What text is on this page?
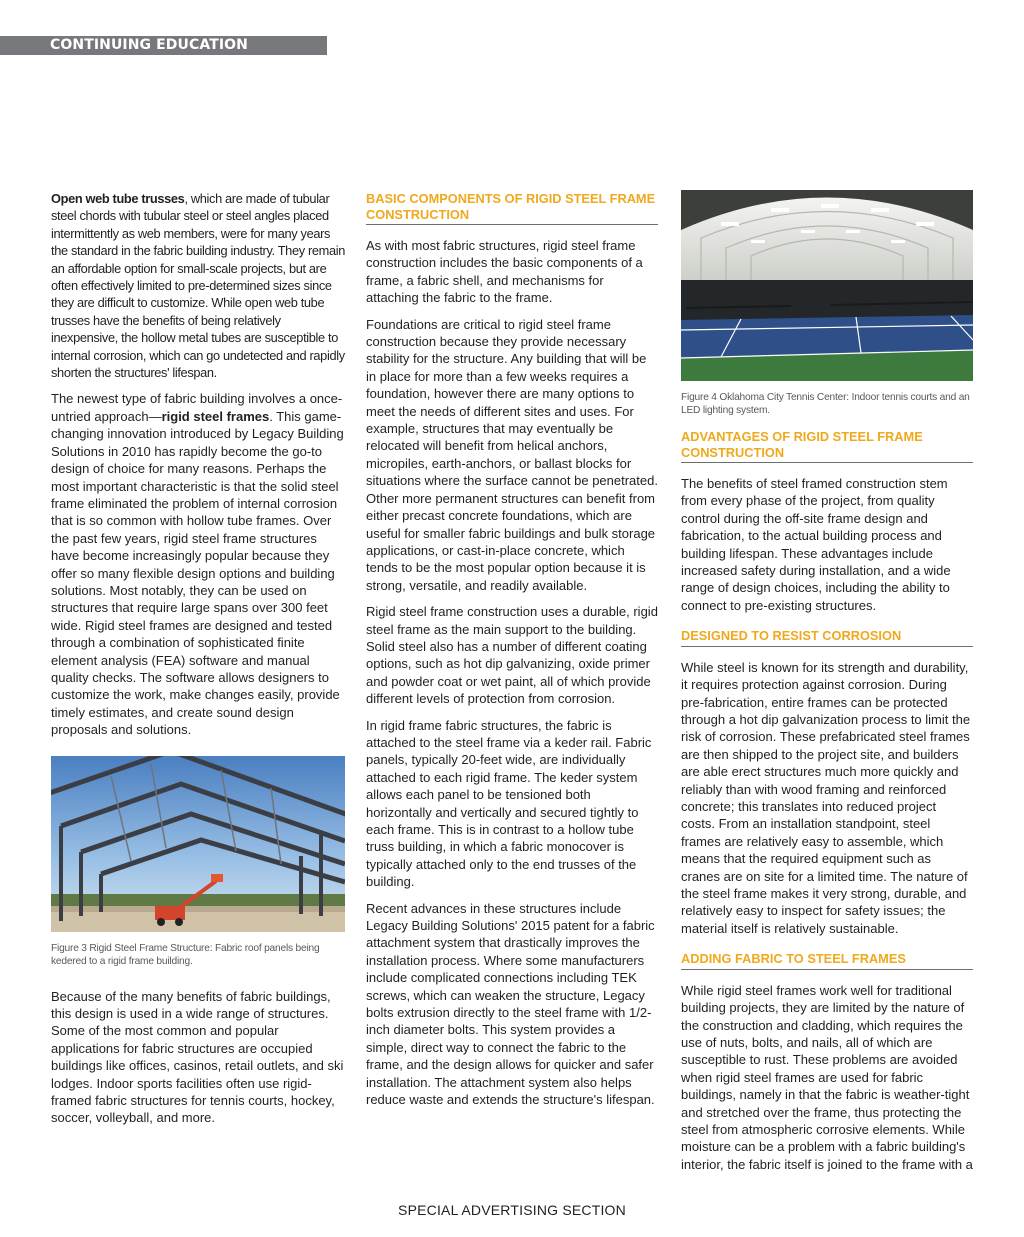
CONTINUING EDUCATION

Open web tube trusses, which are made of tubular steel chords with tubular steel or steel angles placed intermittently as web members, were for many years the standard in the fabric building industry. They remain an affordable option for small-scale projects, but are often effectively limited to pre-determined sizes since they are difficult to customize. While open web tube trusses have the benefits of being relatively inexpensive, the hollow metal tubes are susceptible to internal corrosion, which can go undetected and rapidly shorten the structures' lifespan.

The newest type of fabric building involves a once-untried approach—rigid steel frames. This game-changing innovation introduced by Legacy Building Solutions in 2010 has rapidly become the go-to design of choice for many reasons. Perhaps the most important characteristic is that the solid steel frame eliminated the problem of internal corrosion that is so common with hollow tube frames. Over the past few years, rigid steel frame structures have become increasingly popular because they offer so many flexible design options and building solutions. Most notably, they can be used on structures that require large spans over 300 feet wide. Rigid steel frames are designed and tested through a combination of sophisticated finite element analysis (FEA) software and manual quality checks. The software allows designers to customize the work, make changes easily, provide timely estimates, and create sound design proposals and solutions.

Figure 3 Rigid Steel Frame Structure: Fabric roof panels being kedered to a rigid frame building.

Because of the many benefits of fabric buildings, this design is used in a wide range of structures. Some of the most common and popular applications for fabric structures are occupied buildings like offices, casinos, retail outlets, and ski lodges. Indoor sports facilities often use rigid-framed fabric structures for tennis courts, hockey, soccer, volleyball, and more.

BASIC COMPONENTS OF RIGID STEEL FRAME CONSTRUCTION

As with most fabric structures, rigid steel frame construction includes the basic components of a frame, a fabric shell, and mechanisms for attaching the fabric to the frame.

Foundations are critical to rigid steel frame construction because they provide necessary stability for the structure. Any building that will be in place for more than a few weeks requires a foundation, however there are many options to meet the needs of different sites and uses. For example, structures that may eventually be relocated will benefit from helical anchors, micropiles, earth-anchors, or ballast blocks for situations where the surface cannot be penetrated. Other more permanent structures can benefit from either precast concrete foundations, which are useful for smaller fabric buildings and bulk storage applications, or cast-in-place concrete, which tends to be the most popular option because it is strong, versatile, and readily available.

Rigid steel frame construction uses a durable, rigid steel frame as the main support to the building. Solid steel also has a number of different coating options, such as hot dip galvanizing, oxide primer and powder coat or wet paint, all of which provide different levels of protection from corrosion.

In rigid frame fabric structures, the fabric is attached to the steel frame via a keder rail. Fabric panels, typically 20-feet wide, are individually attached to each rigid frame. The keder system allows each panel to be tensioned both horizontally and vertically and secured tightly to each frame. This is in contrast to a hollow tube truss building, in which a fabric monocover is typically attached only to the end trusses of the building.

Recent advances in these structures include Legacy Building Solutions' 2015 patent for a fabric attachment system that drastically improves the installation process. Where some manufacturers include complicated connections including TEK screws, which can weaken the structure, Legacy bolts extrusion directly to the steel frame with 1/2-inch diameter bolts. This system provides a simple, direct way to connect the fabric to the frame, and the design allows for quicker and safer installation. The attachment system also helps reduce waste and extends the structure's lifespan.

Figure 4 Oklahoma City Tennis Center: Indoor tennis courts and an LED lighting system.
ADVANTAGES OF RIGID STEEL FRAME CONSTRUCTION

The benefits of steel framed construction stem from every phase of the project, from quality control during the off-site frame design and fabrication, to the actual building process and building lifespan. These advantages include increased safety during installation, and a wide range of design choices, including the ability to connect to pre-existing structures.

DESIGNED TO RESIST CORROSION

While steel is known for its strength and durability, it requires protection against corrosion. During pre-fabrication, entire frames can be protected through a hot dip galvanization process to limit the risk of corrosion. These prefabricated steel frames are then shipped to the project site, and builders are able erect structures much more quickly and reliably than with wood framing and reinforced concrete; this translates into reduced project costs. From an installation standpoint, steel frames are relatively easy to assemble, which means that the required equipment such as cranes are on site for a limited time. The nature of the steel frame makes it very strong, durable, and relatively easy to inspect for safety issues; the material itself is relatively sustainable.

ADDING FABRIC TO STEEL FRAMES

While rigid steel frames work well for traditional building projects, they are limited by the nature of the construction and cladding, which requires the use of nuts, bolts, and nails, all of which are susceptible to rust. These problems are avoided when rigid steel frames are used for fabric buildings, namely in that the fabric is weather-tight and stretched over the frame, thus protecting the steel from atmospheric corrosive elements. While moisture can be a problem with a fabric building's interior, the fabric itself is joined to the frame with a

SPECIAL ADVERTISING SECTION
